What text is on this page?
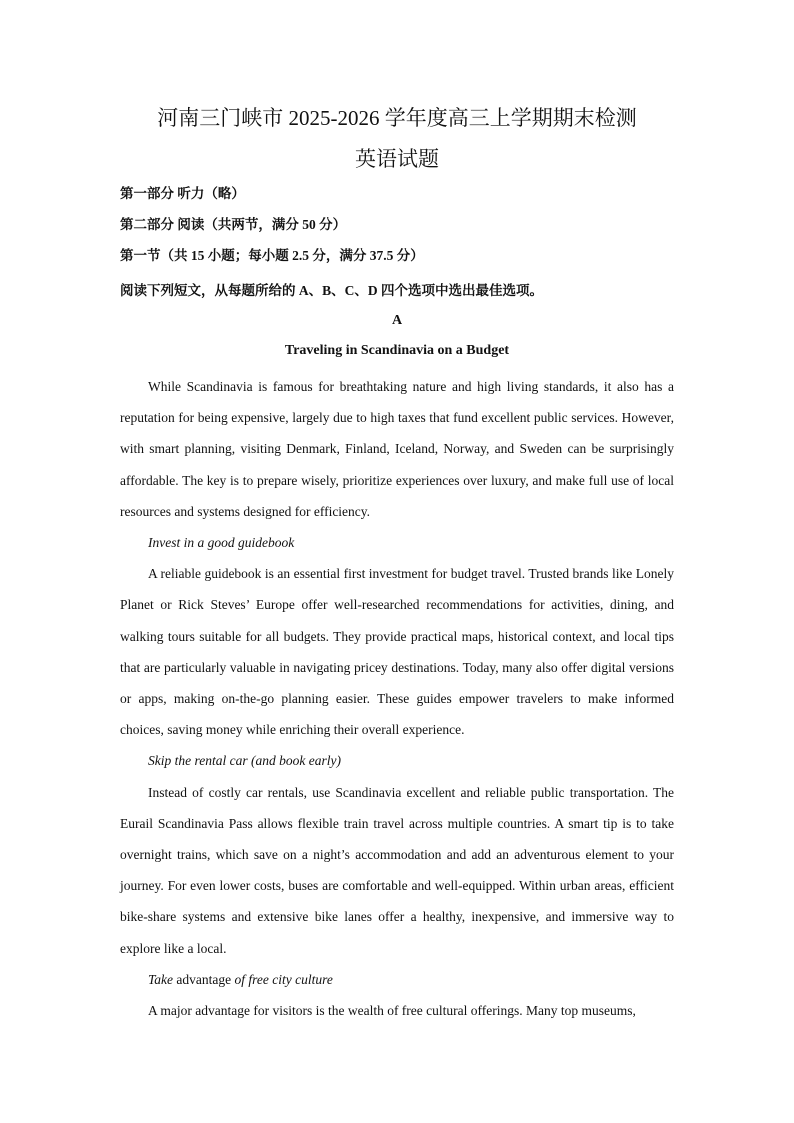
河南三门峡市 2025-2026 学年度高三上学期期末检测
英语试题
第一部分 听力（略）
第二部分 阅读（共两节，满分 50 分）
第一节（共 15 小题；每小题 2.5 分，满分 37.5 分）
阅读下列短文，从每题所给的 A、B、C、D 四个选项中选出最佳选项。
A
Traveling in Scandinavia on a Budget

While Scandinavia is famous for breathtaking nature and high living standards, it also has a reputation for being expensive, largely due to high taxes that fund excellent public services. However, with smart planning, visiting Denmark, Finland, Iceland, Norway, and Sweden can be surprisingly affordable. The key is to prepare wisely, prioritize experiences over luxury, and make full use of local resources and systems designed for efficiency.

Invest in a good guidebook

A reliable guidebook is an essential first investment for budget travel. Trusted brands like Lonely Planet or Rick Steves’ Europe offer well-researched recommendations for activities, dining, and walking tours suitable for all budgets. They provide practical maps, historical context, and local tips that are particularly valuable in navigating pricey destinations. Today, many also offer digital versions or apps, making on-the-go planning easier. These guides empower travelers to make informed choices, saving money while enriching their overall experience.

Skip the rental car (and book early)

Instead of costly car rentals, use Scandinavia excellent and reliable public transportation. The Eurail Scandinavia Pass allows flexible train travel across multiple countries. A smart tip is to take overnight trains, which save on a night’s accommodation and add an adventurous element to your journey. For even lower costs, buses are comfortable and well-equipped. Within urban areas, efficient bike-share systems and extensive bike lanes offer a healthy, inexpensive, and immersive way to explore like a local.

Take advantage of free city culture

A major advantage for visitors is the wealth of free cultural offerings. Many top museums,
